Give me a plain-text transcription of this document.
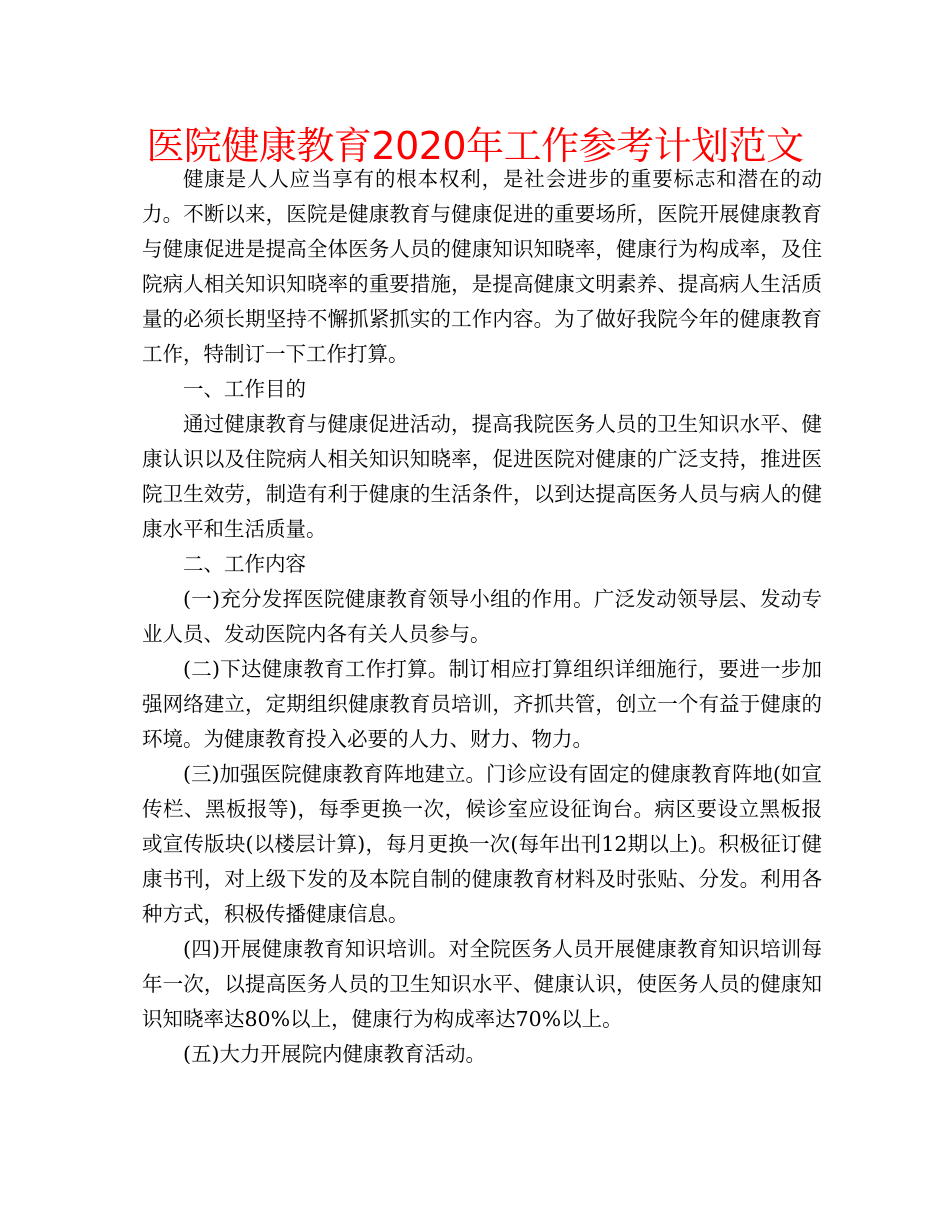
医院健康教育2020年工作参考计划范文

健康是人人应当享有的根本权利，是社会进步的重要标志和潜在的动力。不断以来，医院是健康教育与健康促进的重要场所，医院开展健康教育与健康促进是提高全体医务人员的健康知识知晓率，健康行为构成率，及住院病人相关知识知晓率的重要措施，是提高健康文明素养、提高病人生活质量的必须长期坚持不懈抓紧抓实的工作内容。为了做好我院今年的健康教育工作，特制订一下工作打算。

一、工作目的

通过健康教育与健康促进活动，提高我院医务人员的卫生知识水平、健康认识以及住院病人相关知识知晓率，促进医院对健康的广泛支持，推进医院卫生效劳，制造有利于健康的生活条件，以到达提高医务人员与病人的健康水平和生活质量。

二、工作内容

(一)充分发挥医院健康教育领导小组的作用。广泛发动领导层、发动专业人员、发动医院内各有关人员参与。

(二)下达健康教育工作打算。制订相应打算组织详细施行，要进一步加强网络建立，定期组织健康教育员培训，齐抓共管，创立一个有益于健康的环境。为健康教育投入必要的人力、财力、物力。

(三)加强医院健康教育阵地建立。门诊应设有固定的健康教育阵地(如宣传栏、黑板报等)，每季更换一次，候诊室应设征询台。病区要设立黑板报或宣传版块(以楼层计算)，每月更换一次(每年出刊12期以上)。积极征订健康书刊，对上级下发的及本院自制的健康教育材料及时张贴、分发。利用各种方式，积极传播健康信息。

(四)开展健康教育知识培训。对全院医务人员开展健康教育知识培训每年一次，以提高医务人员的卫生知识水平、健康认识，使医务人员的健康知识知晓率达80%以上，健康行为构成率达70%以上。

(五)大力开展院内健康教育活动。
